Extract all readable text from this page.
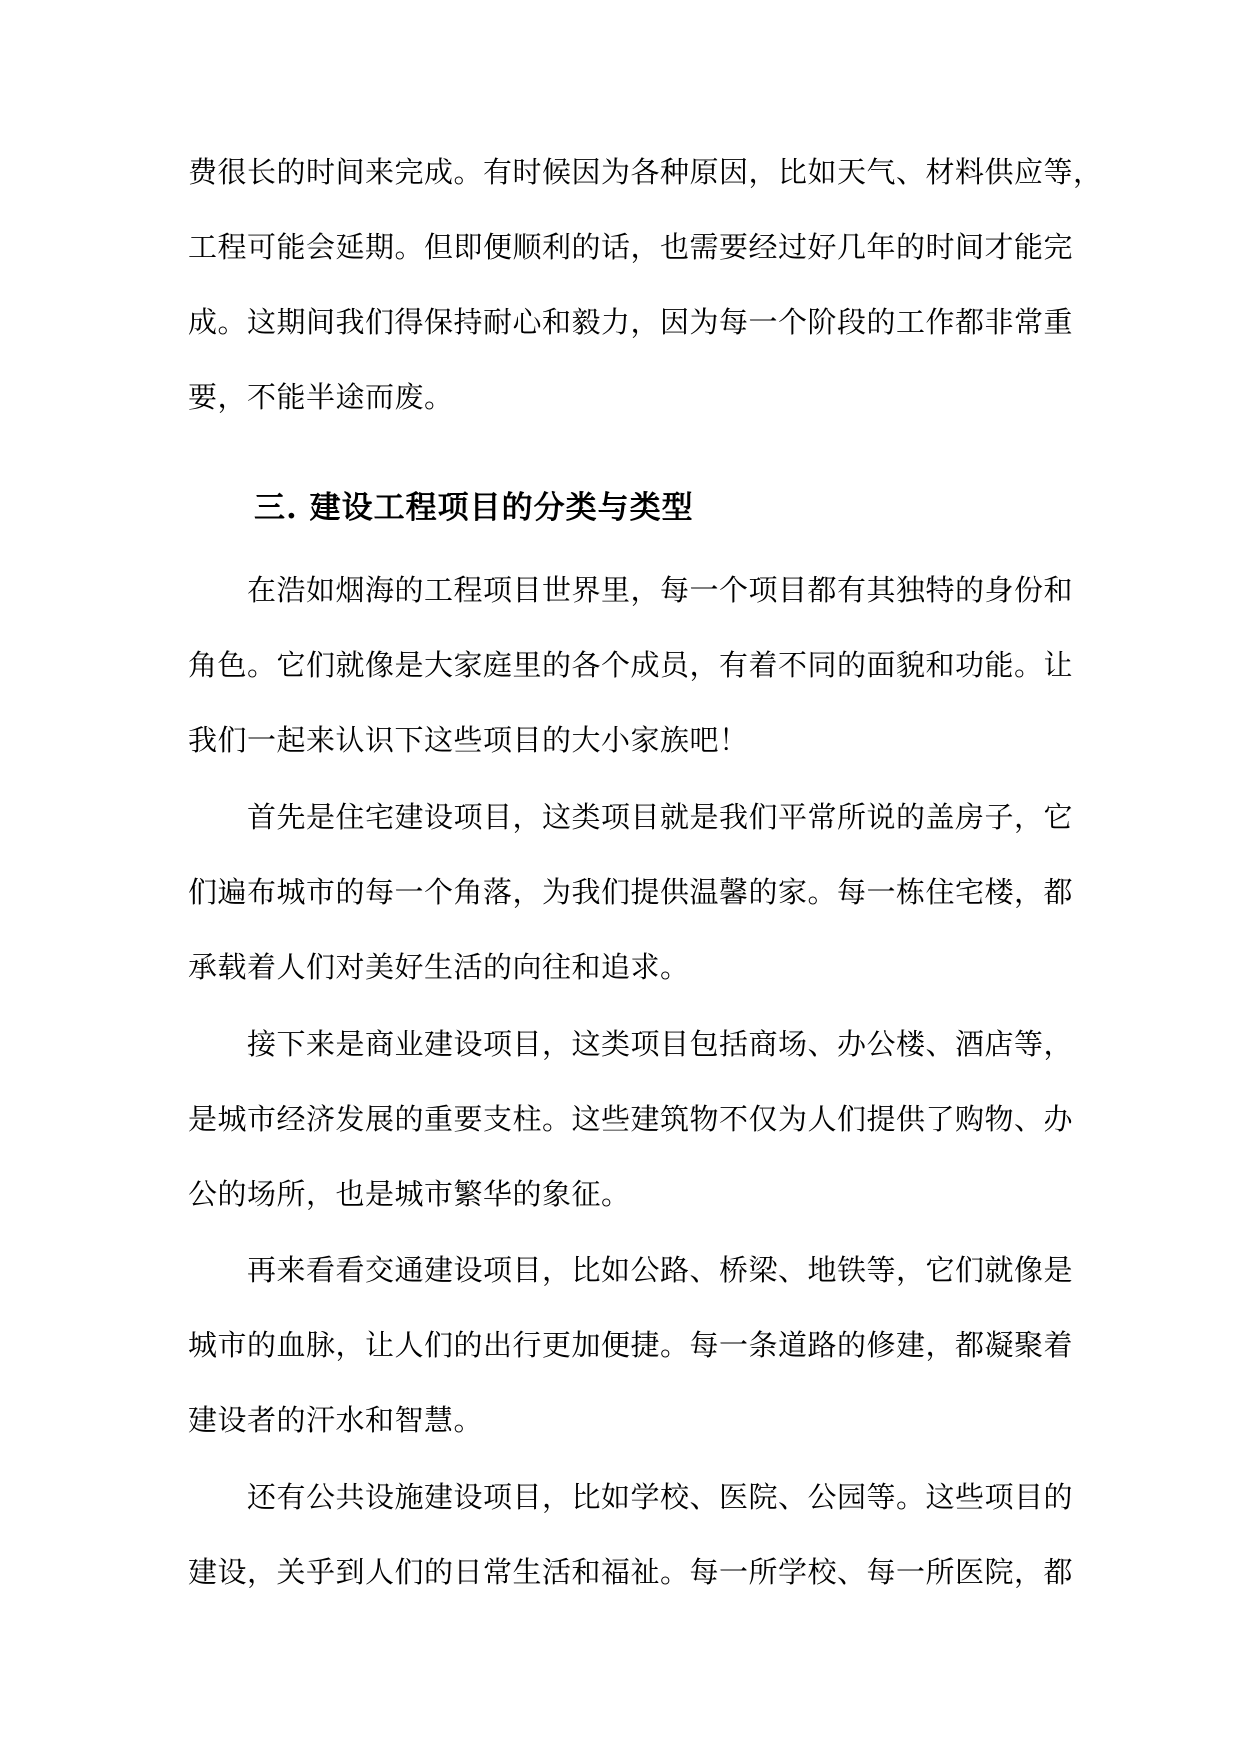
费很长的时间来完成。有时候因为各种原因，比如天气、材料供应等，
工程可能会延期。但即便顺利的话，也需要经过好几年的时间才能完
成。这期间我们得保持耐心和毅力，因为每一个阶段的工作都非常重
要，不能半途而废。
三. 建设工程项目的分类与类型
在浩如烟海的工程项目世界里，每一个项目都有其独特的身份和
角色。它们就像是大家庭里的各个成员，有着不同的面貌和功能。让
我们一起来认识下这些项目的大小家族吧！
首先是住宅建设项目，这类项目就是我们平常所说的盖房子，它
们遍布城市的每一个角落，为我们提供温馨的家。每一栋住宅楼，都
承载着人们对美好生活的向往和追求。
接下来是商业建设项目，这类项目包括商场、办公楼、酒店等，
是城市经济发展的重要支柱。这些建筑物不仅为人们提供了购物、办
公的场所，也是城市繁华的象征。
再来看看交通建设项目，比如公路、桥梁、地铁等，它们就像是
城市的血脉，让人们的出行更加便捷。每一条道路的修建，都凝聚着
建设者的汗水和智慧。
还有公共设施建设项目，比如学校、医院、公园等。这些项目的
建设，关乎到人们的日常生活和福祉。每一所学校、每一所医院，都
